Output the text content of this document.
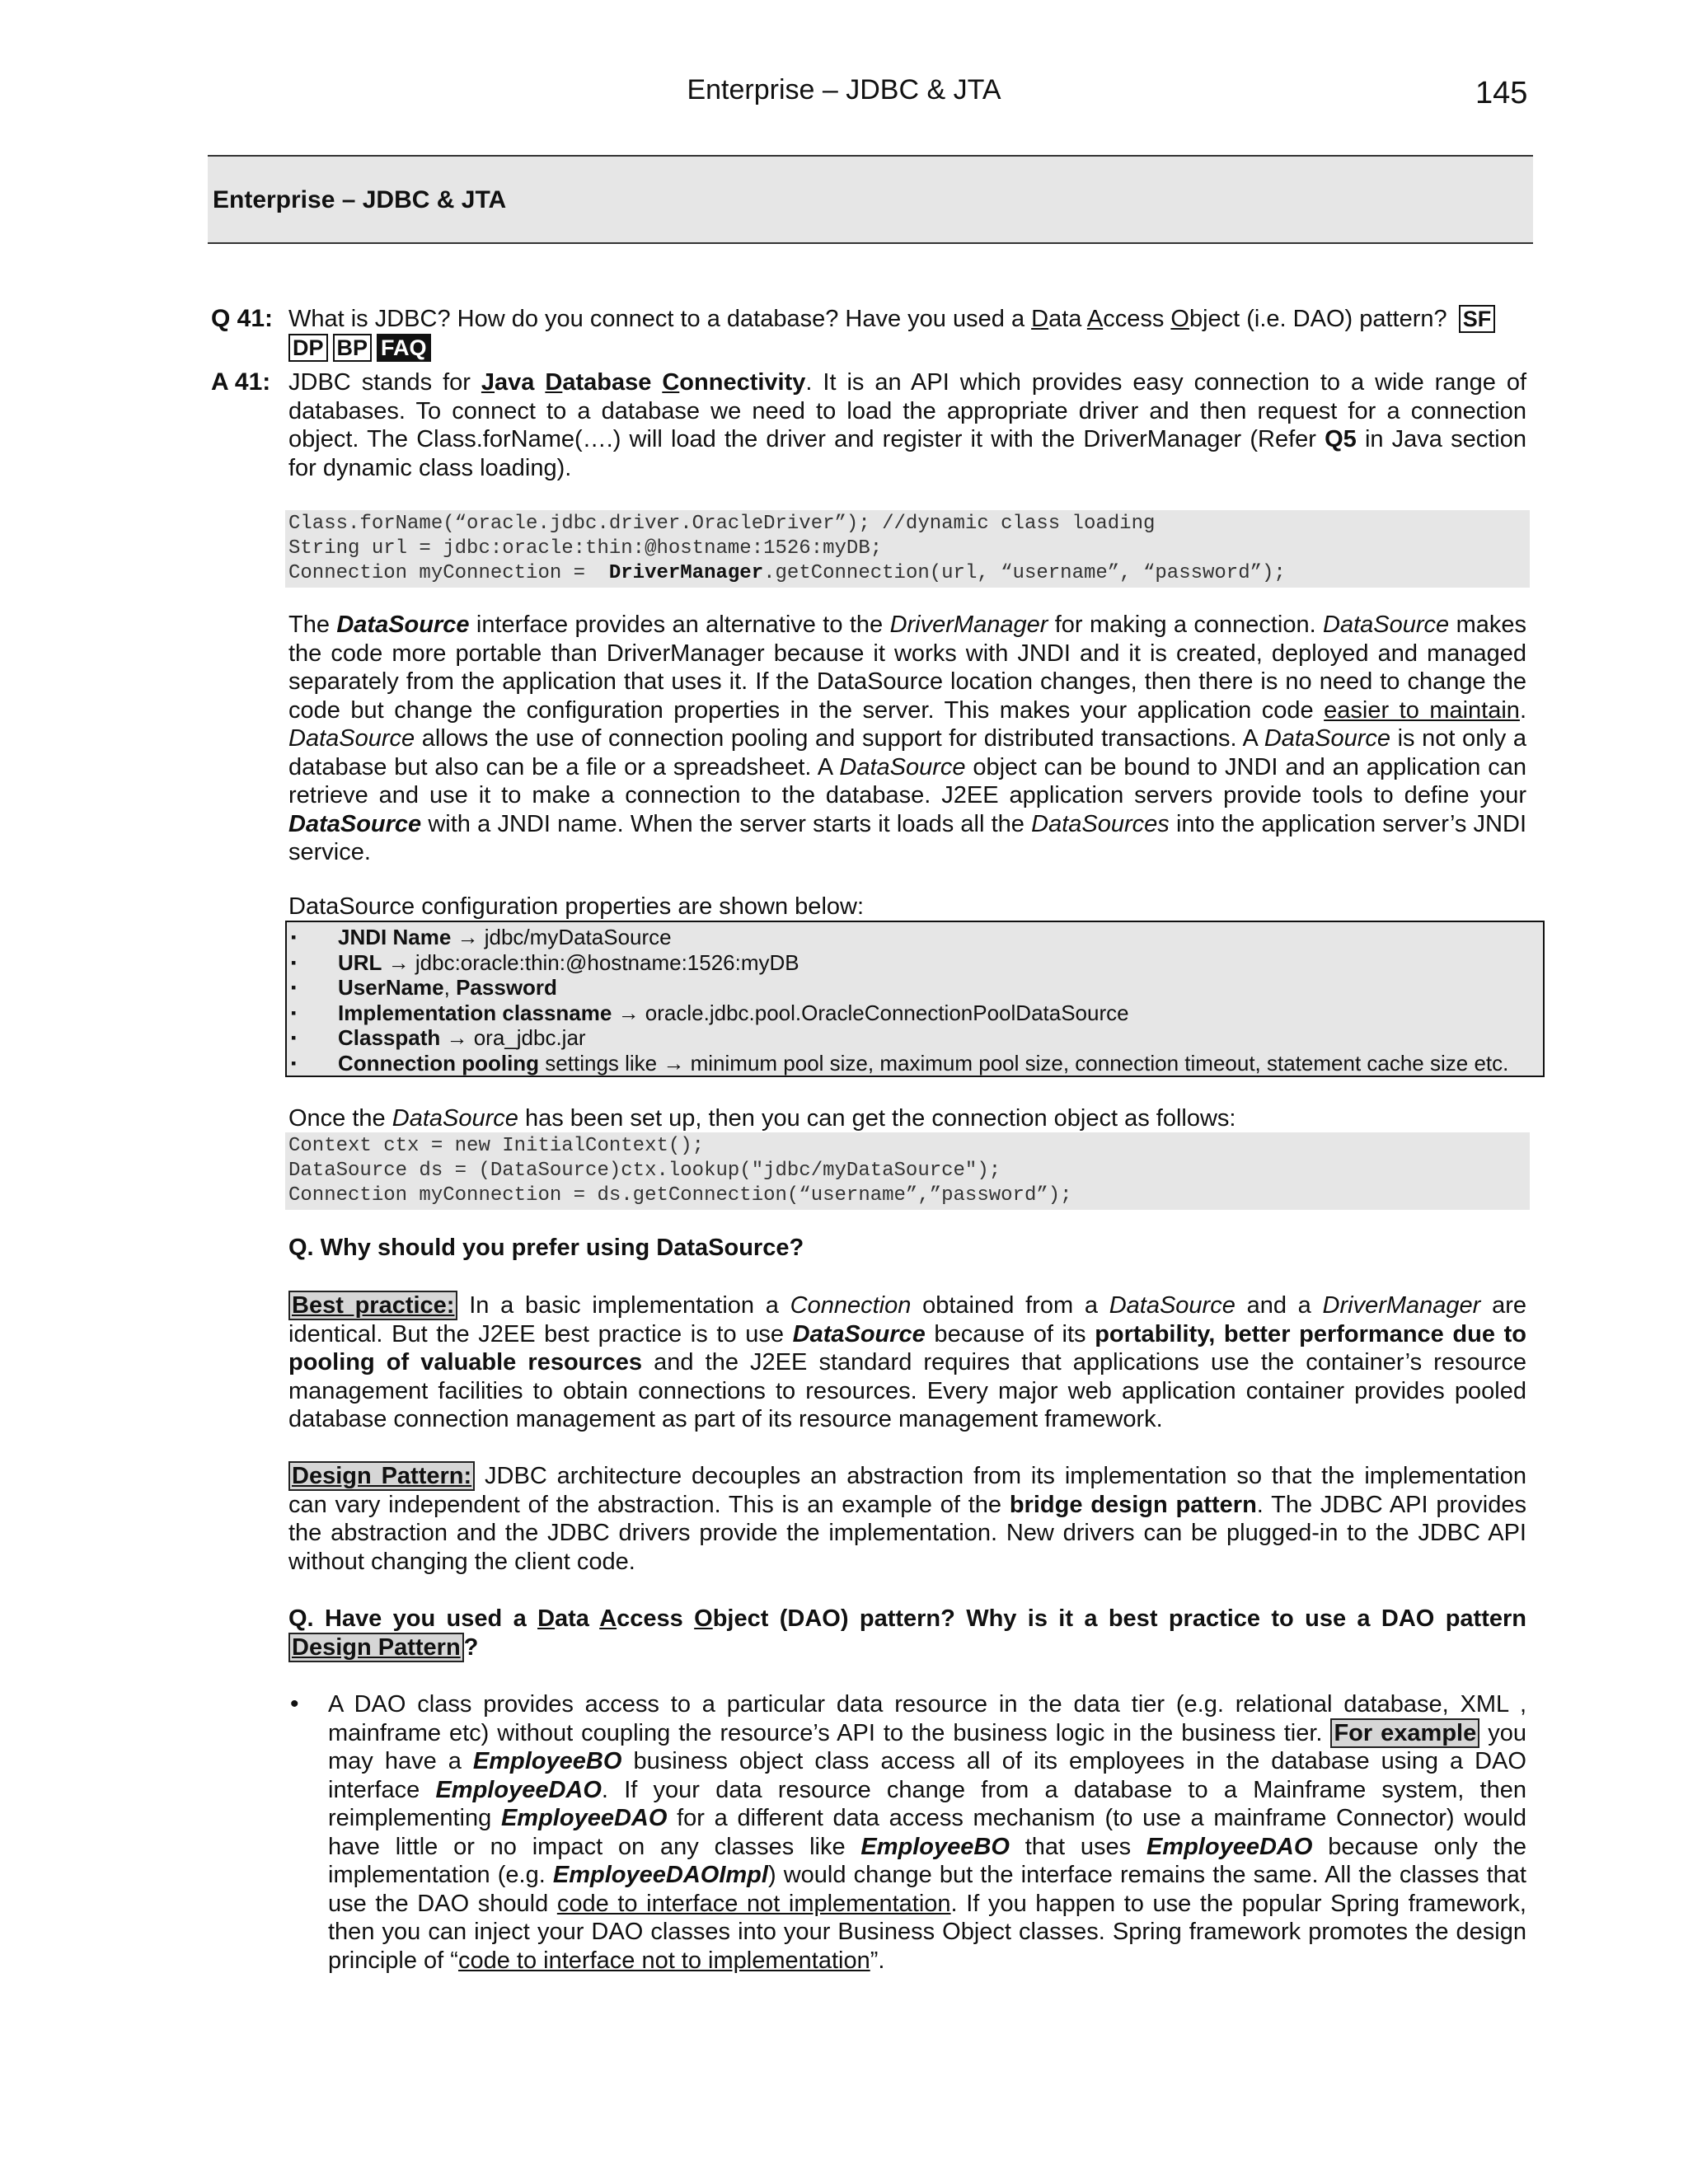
Enterprise – JDBC & JTA	145
Enterprise – JDBC & JTA
Q 41: What is JDBC? How do you connect to a database? Have you used a Data Access Object (i.e. DAO) pattern? SF
DP BP FAQ
A 41: JDBC stands for Java Database Connectivity. It is an API which provides easy connection to a wide range of databases. To connect to a database we need to load the appropriate driver and then request for a connection object. The Class.forName(….) will load the driver and register it with the DriverManager (Refer Q5 in Java section for dynamic class loading).
Class.forName(“oracle.jdbc.driver.OracleDriver”); //dynamic class loading
String url = jdbc:oracle:thin:@hostname:1526:myDB;
Connection myConnection =  DriverManager.getConnection(url, “username”, “password”);
The DataSource interface provides an alternative to the DriverManager for making a connection. DataSource makes the code more portable than DriverManager because it works with JNDI and it is created, deployed and managed separately from the application that uses it. If the DataSource location changes, then there is no need to change the code but change the configuration properties in the server. This makes your application code easier to maintain. DataSource allows the use of connection pooling and support for distributed transactions. A DataSource is not only a database but also can be a file or a spreadsheet. A DataSource object can be bound to JNDI and an application can retrieve and use it to make a connection to the database. J2EE application servers provide tools to define your DataSource with a JNDI name. When the server starts it loads all the DataSources into the application server’s JNDI service.
DataSource configuration properties are shown below:
▪ JNDI Name → jdbc/myDataSource
▪ URL → jdbc:oracle:thin:@hostname:1526:myDB
▪ UserName, Password
▪ Implementation classname → oracle.jdbc.pool.OracleConnectionPoolDataSource
▪ Classpath → ora_jdbc.jar
▪ Connection pooling settings like → minimum pool size, maximum pool size, connection timeout, statement cache size etc.
Once the DataSource has been set up, then you can get the connection object as follows:
Context ctx = new InitialContext();
DataSource ds = (DataSource)ctx.lookup("jdbc/myDataSource");
Connection myConnection = ds.getConnection(“username”,”password”);
Q. Why should you prefer using DataSource?
Best practice: In a basic implementation a Connection obtained from a DataSource and a DriverManager are identical. But the J2EE best practice is to use DataSource because of its portability, better performance due to pooling of valuable resources and the J2EE standard requires that applications use the container’s resource management facilities to obtain connections to resources. Every major web application container provides pooled database connection management as part of its resource management framework.
Design Pattern: JDBC architecture decouples an abstraction from its implementation so that the implementation can vary independent of the abstraction. This is an example of the bridge design pattern. The JDBC API provides the abstraction and the JDBC drivers provide the implementation. New drivers can be plugged-in to the JDBC API without changing the client code.
Q. Have you used a Data Access Object (DAO) pattern? Why is it a best practice to use a DAO pattern Design Pattern ?
• A DAO class provides access to a particular data resource in the data tier (e.g. relational database, XML , mainframe etc) without coupling the resource’s API to the business logic in the business tier. For example you may have a EmployeeBO business object class access all of its employees in the database using a DAO interface EmployeeDAO. If your data resource change from a database to a Mainframe system, then reimplementing EmployeeDAO for a different data access mechanism (to use a mainframe Connector) would have little or no impact on any classes like EmployeeBO that uses EmployeeDAO because only the implementation (e.g. EmployeeDAOImpl) would change but the interface remains the same. All the classes that use the DAO should code to interface not implementation. If you happen to use the popular Spring framework, then you can inject your DAO classes into your Business Object classes. Spring framework promotes the design principle of “code to interface not to implementation”.
